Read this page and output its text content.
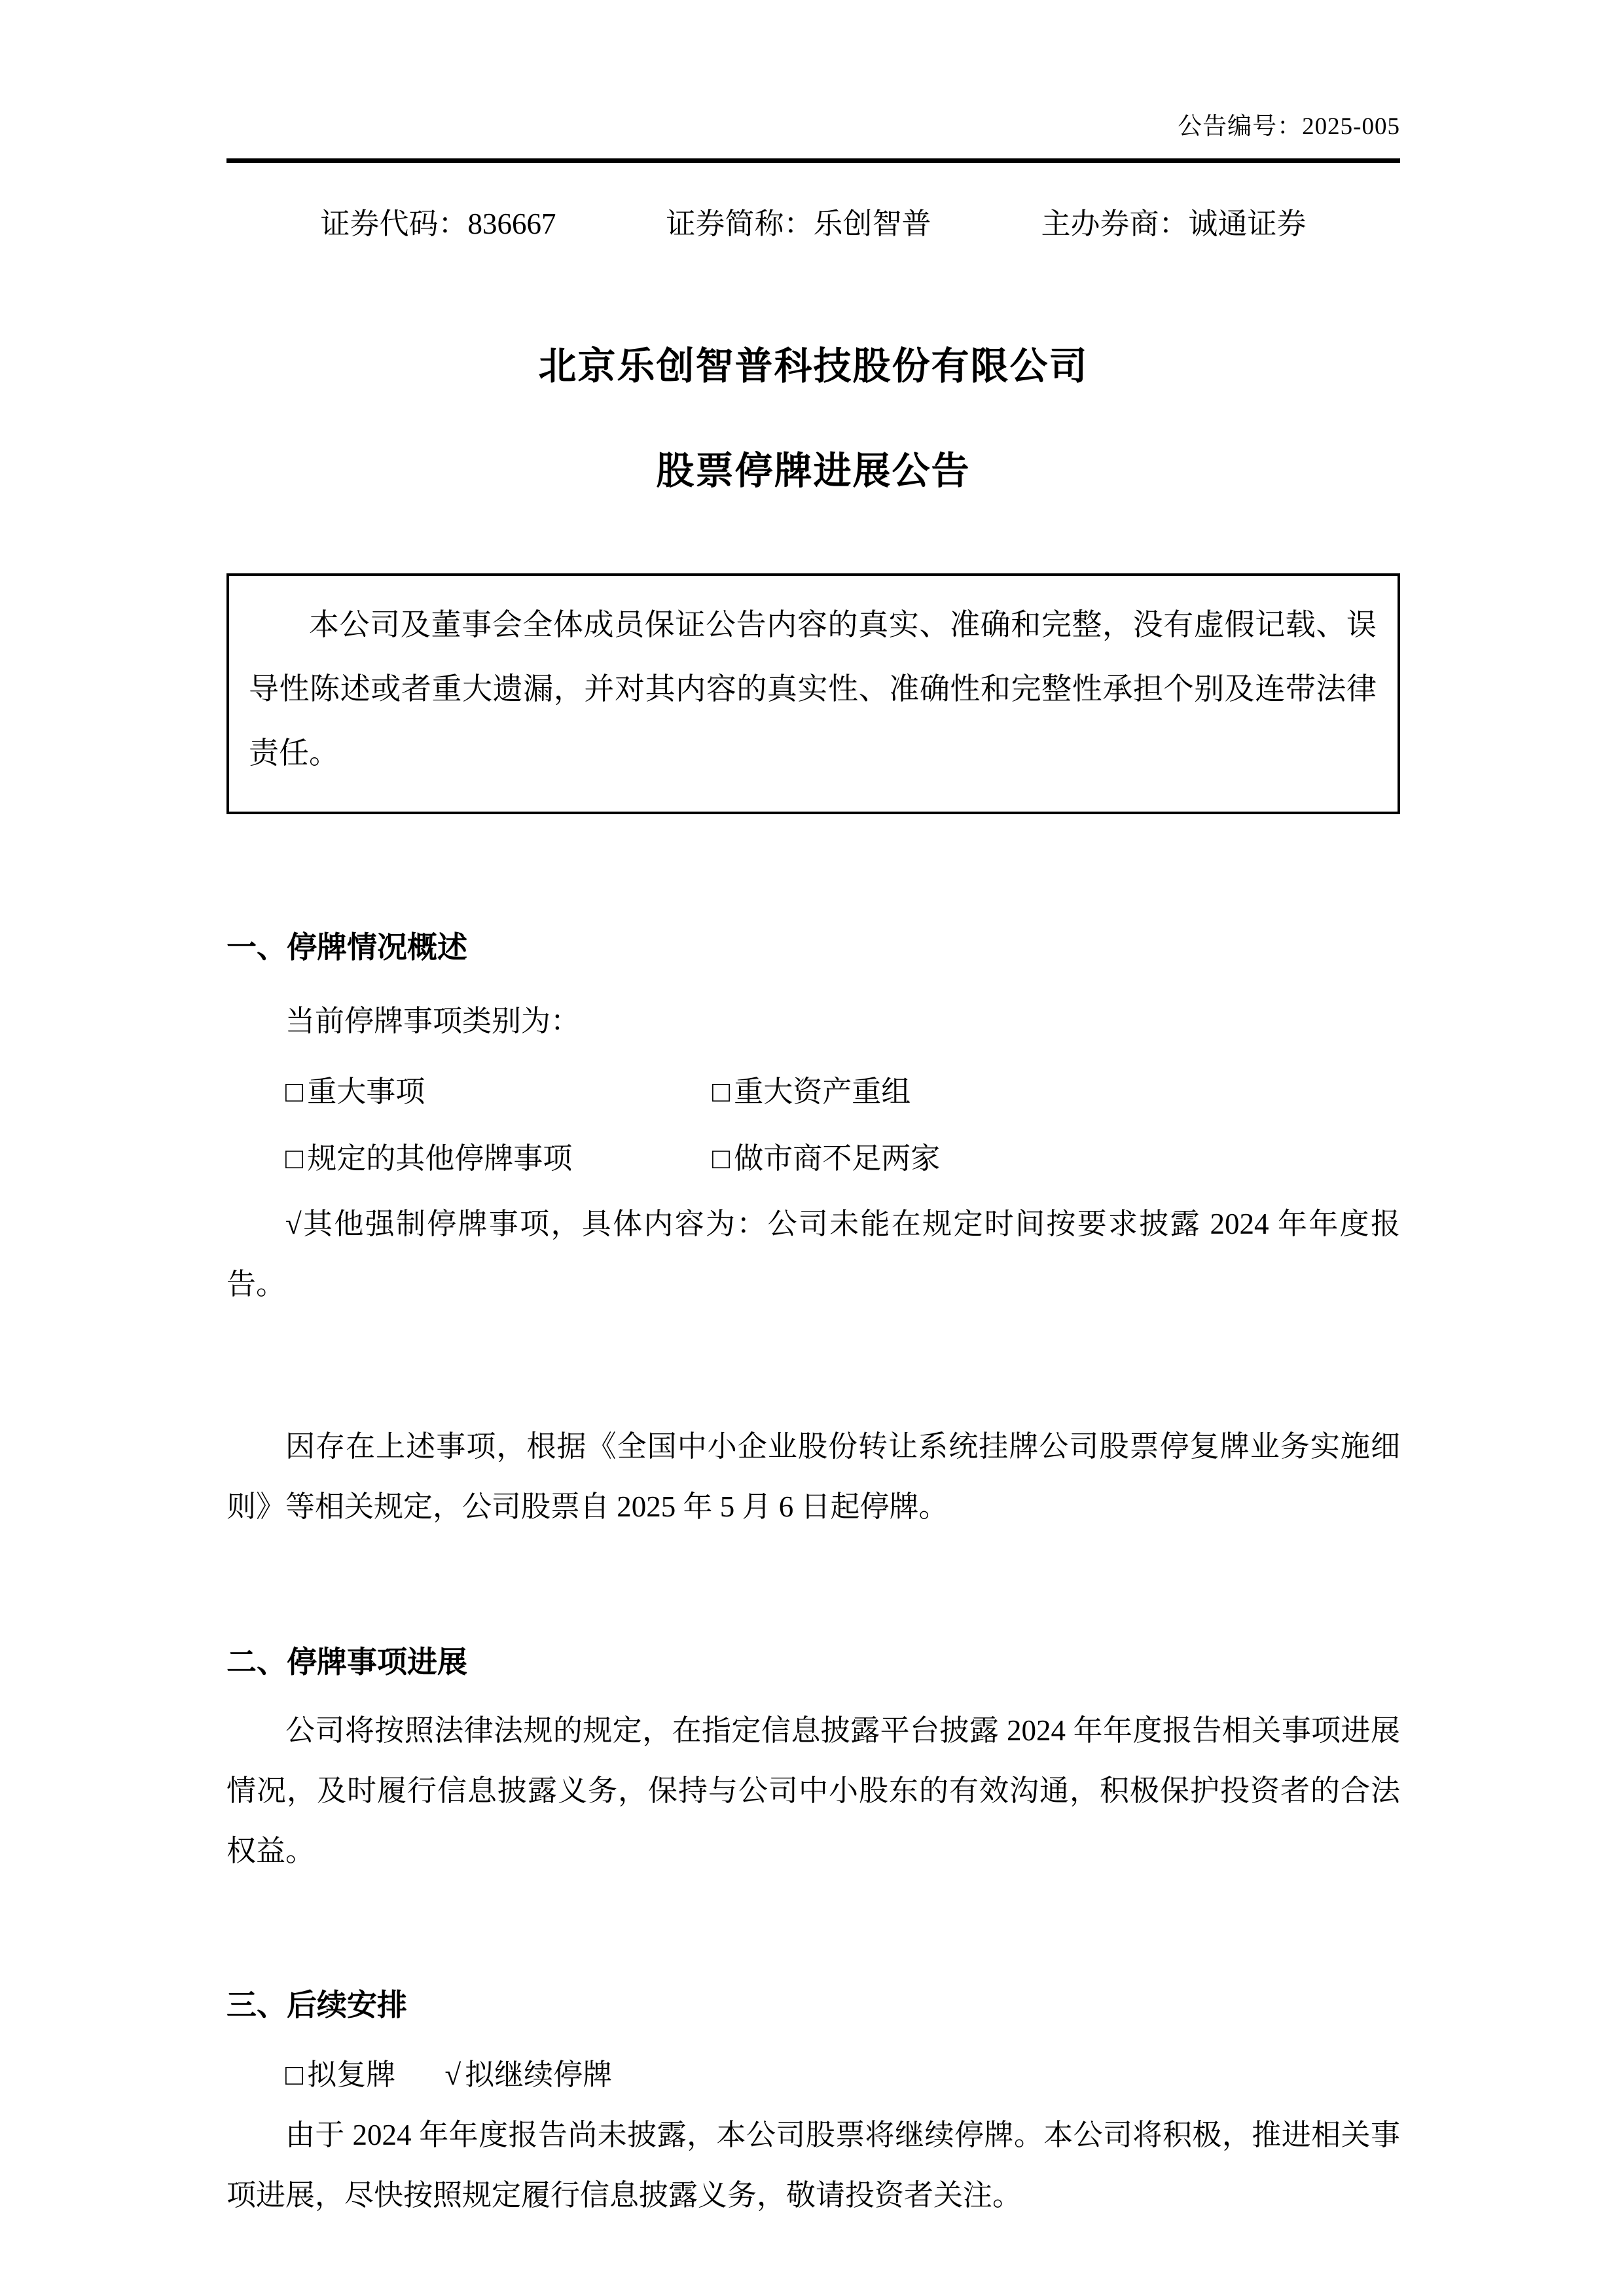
公告编号：2025-005
证券代码：836667	证券简称：乐创智普	主办券商：诚通证券
北京乐创智普科技股份有限公司
股票停牌进展公告

本公司及董事会全体成员保证公告内容的真实、准确和完整，没有虚假记载、误导性陈述或者重大遗漏，并对其内容的真实性、准确性和完整性承担个别及连带法律责任。

一、停牌情况概述
当前停牌事项类别为：
□ 重大事项	□ 重大资产重组
□ 规定的其他停牌事项	□ 做市商不足两家
√其他强制停牌事项，具体内容为：公司未能在规定时间按要求披露 2024 年年度报告。
因存在上述事项，根据《全国中小企业股份转让系统挂牌公司股票停复牌业务实施细则》等相关规定，公司股票自 2025 年 5 月 6 日起停牌。
二、停牌事项进展
公司将按照法律法规的规定，在指定信息披露平台披露 2024 年年度报告相关事项进展情况，及时履行信息披露义务，保持与公司中小股东的有效沟通，积极保护投资者的合法权益。
三、后续安排
□ 拟复牌 √ 拟继续停牌
由于 2024 年年度报告尚未披露，本公司股票将继续停牌。本公司将积极，推进相关事项进展，尽快按照规定履行信息披露义务，敬请投资者关注。
